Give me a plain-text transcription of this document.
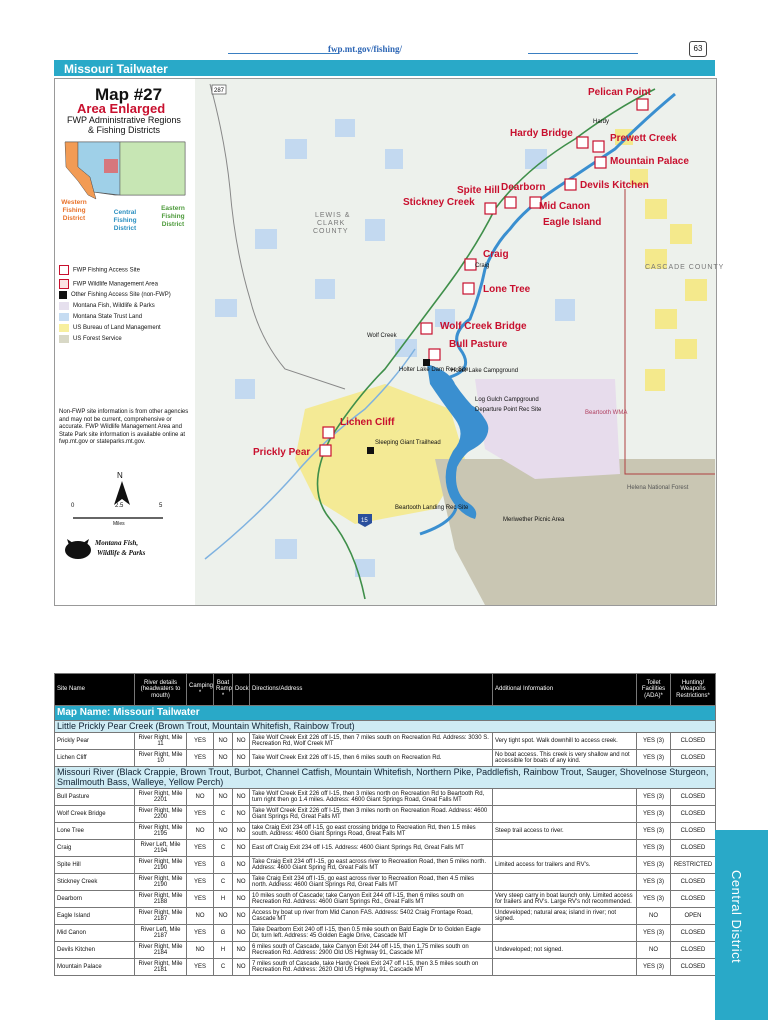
fwp.mt.gov/fishing/	63
Missouri Tailwater
LEWIS &
CLARK
COUNTY
CASCADE COUNTY
287
15
Pelican Point
Hardy Bridge	Prewett Creek
Mountain Palace
Devils Kitchen
Dearborn
Spite Hill
Stickney Creek	Mid Canon
Eagle Island
Craig
Lone Tree
Wolf Creek Bridge
Bull Pasture
Lichen Cliff
Prickly Pear
Holter Lake Dam Rec Site
Holter Lake Campground
Log Gulch Campground
Departure Point Rec Site
Sleeping Giant Trailhead
Beartooth Landing Rec Site
Meriwether Picnic Area
Beartooth WMA
Wolf Creek
Craig
Hardy
Helena National Forest
Map #27
Area Enlarged
FWP Administrative Regions
& Fishing Districts
Western
Fishing
District
Central
Fishing
District
Eastern
Fishing
District
FWP Fishing Access Site
FWP Wildlife Management Area
Other Fishing Access Site (non-FWP)
Montana Fish, Wildlife & Parks
Montana State Trust Land
US Bureau of Land Management
US Forest Service
Non-FWP site information is from other agencies and may not be current, comprehensive or accurate. FWP Wildlife Management Area and State Park site information is available online at fwp.mt.gov or stateparks.mt.gov.
N
0	2.5	5
Miles
Montana Fish,
Wildlife & Parks
Site Name	River details (headwaters to mouth)	Camping *	Boat Ramp *	Dock	Directions/Address	Additional Information	Toilet Facilities (ADA)*	Hunting/ Weapons Restrictions*
Map Name: Missouri Tailwater								
Little Prickly Pear Creek (Brown Trout, Mountain Whitefish, Rainbow Trout)								
Prickly Pear	River Right, Mile 11	YES	NO	NO	Take Wolf Creek Exit 226 off I-15, then 7 miles south on Recreation Rd. Address: 3030 S. Recreation Rd, Wolf Creek MT	Very tight spot. Walk downhill to access creek.	YES (3)	CLOSED
Lichen Cliff	River Right, Mile 10	YES	NO	NO	Take Wolf Creek Exit 226 off I-15, then 6 miles south on Recreation Rd.	No boat access. This creek is very shallow and not accessible for boats of any kind.	YES (3)	CLOSED
Missouri River (Black Crappie, Brown Trout, Burbot, Channel Catfish, Mountain Whitefish, Northern Pike, Paddlefish, Rainbow Trout, Sauger, Shovelnose Sturgeon, Smallmouth Bass, Walleye, Yellow Perch)								
Bull Pasture	River Right, Mile 2201	NO	NO	NO	Take Wolf Creek Exit 226 off I-15, then 3 miles north on Recreation Rd to Beartooth Rd, turn right then go 1.4 miles. Address: 4600 Giant Springs Road, Great Falls MT		YES (3)	CLOSED
Wolf Creek Bridge	River Right, Mile 2200	YES	C	NO	Take Wolf Creek Exit 226 off I-15, then 3 miles north on Recreation Road. Address: 4600 Giant Springs Rd, Great Falls MT		YES (3)	CLOSED
Lone Tree	River Right, Mile 2195	NO	NO	NO	take Craig Exit 234 off I-15, go east crossing bridge to Recreation Rd, then 1.5 miles south. Address: 4600 Giant Springs Road, Great Falls MT	Steep trail access to river.	YES (3)	CLOSED
Craig	River Left, Mile 2194	YES	C	NO	East off Craig Exit 234 off I-15. Address: 4600 Giant Springs Rd, Great Falls MT		YES (3)	CLOSED
Spite Hill	River Right, Mile 2190	YES	G	NO	Take Craig Exit 234 off I-15, go east across river to Recreation Road, then 5 miles north. Address: 4600 Giant Spring Rd, Great Falls MT	Limited access for trailers and RV's.	YES (3)	RESTRICTED
Stickney Creek	River Right, Mile 2190	YES	C	NO	Take Craig Exit 234 off I-15, go east across river to Recreation Road, then 4.5 miles north. Address: 4600 Giant Springs Rd, Great Falls MT		YES (3)	CLOSED
Dearborn	River Right, Mile 2188	YES	H	NO	10 miles south of Cascade; take Canyon Exit 244 off I-15, then 6 miles south on Recreation Rd. Address: 4600 Giant Springs Rd., Great Falls MT	Very steep carry in boat launch only. Limited access for trailers and RV's. Large RV's not recommended.	YES (3)	CLOSED
Eagle Island	River Right, Mile 2187	NO	NO	NO	Access by boat up river from Mid Canon FAS. Address: 5402 Craig Frontage Road, Cascade MT	Undeveloped; natural area; island in river; not signed.	NO	OPEN
Mid Canon	River Left, Mile 2187	YES	G	NO	Take Dearborn Exit 240 off I-15, then 0.5 mile south on Bald Eagle Dr to Golden Eagle Dr, turn left. Address: 45 Golden Eagle Drive, Cascade MT		YES (3)	CLOSED
Devils Kitchen	River Right, Mile 2184	NO	H	NO	6 miles south of Cascade, take Canyon Exit 244 off I-15, then 1.75 miles south on Recreation Rd. Address: 2900 Old US Highway 91, Cascade MT	Undeveloped; not signed.	NO	CLOSED
Mountain Palace	River Right, Mile 2181	YES	C	NO	7 miles south of Cascade, take Hardy Creek Exit 247 off I-15, then 3.5 miles south on Recreation Rd. Address: 2620 Old US Highway 91, Cascade MT		YES (3)	CLOSED
Central District
